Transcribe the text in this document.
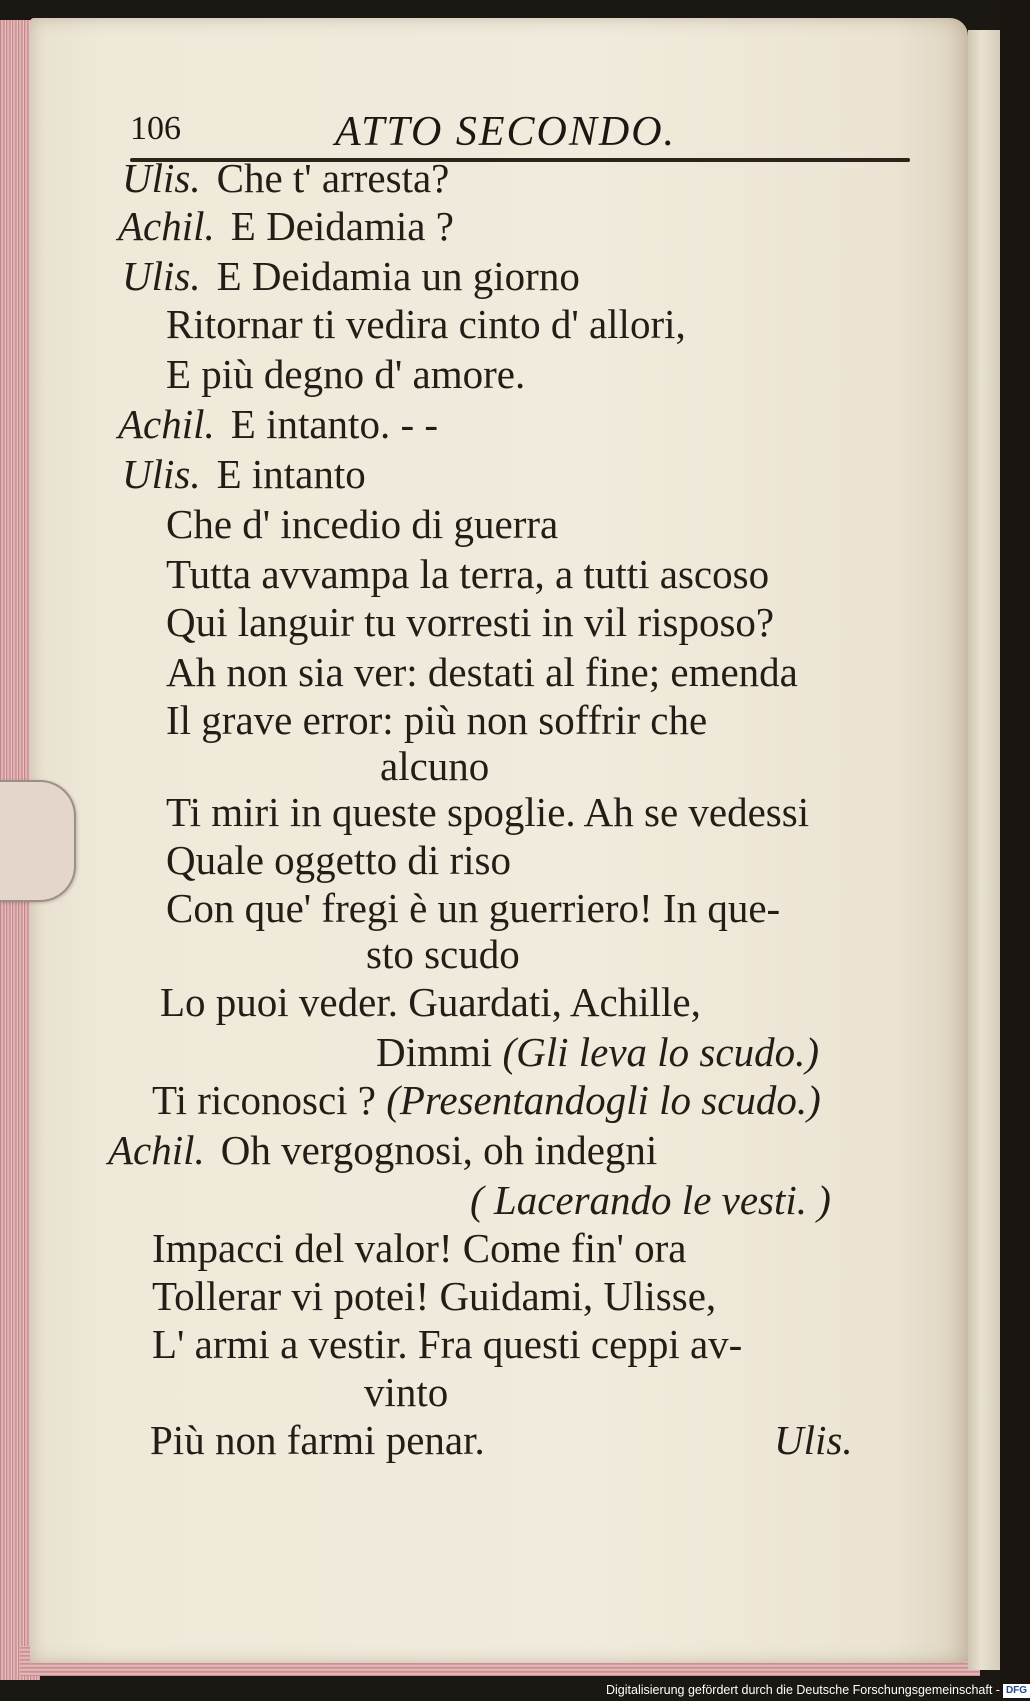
106	ATTO SECONDO.
Ulis. Che t' arresta?
Achil. E Deidamia ?
Ulis. E Deidamia un giorno
Ritornar ti vedira cinto d' allori,
E più degno d' amore.
Achil. E intanto. - -
Ulis. E intanto
Che d' incedio di guerra
Tutta avvampa la terra, a tutti ascoso
Qui languir tu vorresti in vil risposo?
Ah non sia ver: destati al fine; emenda
Il grave error: più non soffrir che
alcuno
Ti miri in queste spoglie. Ah se vedessi
Quale oggetto di riso
Con que' fregi è un guerriero! In que-
sto scudo
Lo puoi veder. Guardati, Achille,
Dimmi (Gli leva lo scudo.)
Ti riconosci ? (Presentandogli lo scudo.)
Achil. Oh vergognosi, oh indegni
( Lacerando le vesti. )
Impacci del valor! Come fin' ora
Tollerar vi potei! Guidami, Ulisse,
L' armi a vestir. Fra questi ceppi av-
vinto
Più non farmi penar.	Ulis.
Digitalisierung gefördert durch die Deutsche Forschungsgemeinschaft - DFG
